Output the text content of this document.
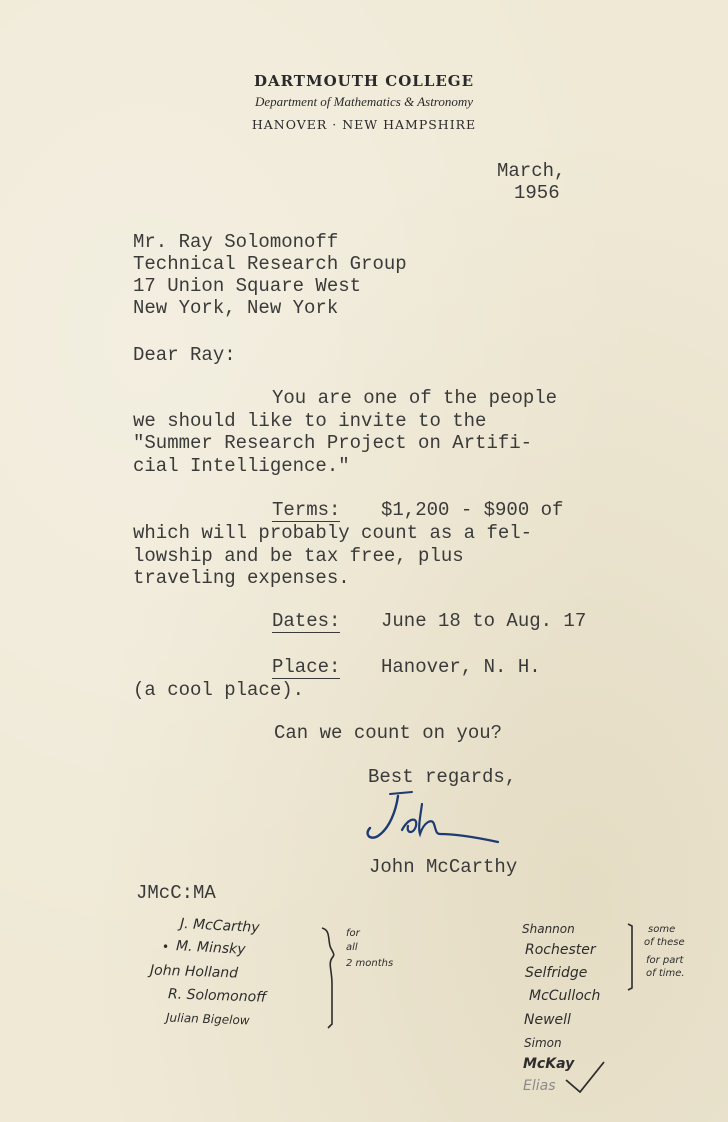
DARTMOUTH COLLEGE
Department of Mathematics & Astronomy
HANOVER · NEW HAMPSHIRE
March,
1956
Mr. Ray Solomonoff
Technical Research Group
17 Union Square West
New York, New York
Dear Ray:
You are one of the people
we should like to invite to the
"Summer Research Project on Artifi-
cial Intelligence."
Terms: $1,200 - $900 of
which will probably count as a fel-
lowship and be tax free, plus
traveling expenses.
Dates: June 18 to Aug. 17
Place: Hanover, N. H.
(a cool place).
Can we count on you?
Best regards,
John McCarthy
JMcC:MA
J. McCarthy
• M. Minsky
John Holland
R. Solomonoff
Julian Bigelow
for
all
2 months
Shannon
Rochester
Selfridge
McCulloch
Newell
Simon
McKay
Elias
some
of these
for part
of time.
